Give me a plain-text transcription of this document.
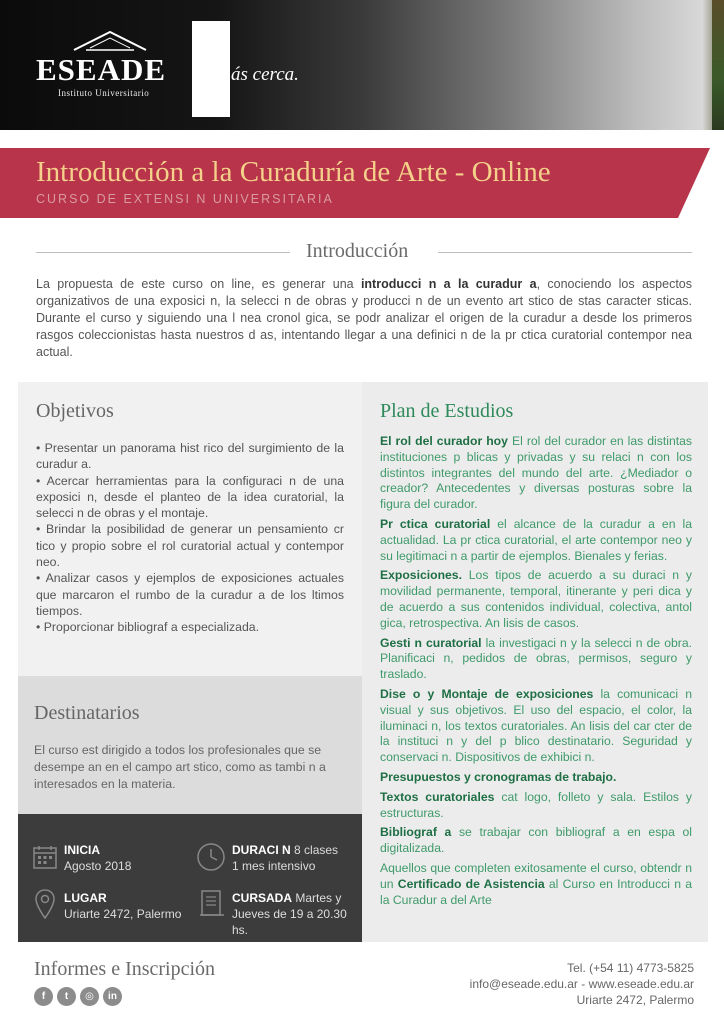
ESEADE
Instituto Universitario
ás cerca.
Introducción a la Curaduría de Arte - Online
CURSO DE EXTENSI N UNIVERSITARIA
Introducción
La propuesta de este curso on line, es generar una introducci n a la curadur a, conociendo los aspectos organizativos de una exposici n, la selecci n de obras y producci n de un evento art stico de stas caracter sticas. Durante el curso y siguiendo una l nea cronol gica, se podr analizar el origen de la curadur a desde los primeros rasgos coleccionistas hasta nuestros d as, intentando llegar a una definici n de la pr ctica curatorial contempor nea actual.
Objetivos
• Presentar un panorama hist rico del surgimiento de la curadur a.
• Acercar herramientas para la configuraci n de una exposici n, desde el planteo de la idea curatorial, la selecci n de obras y el montaje.
• Brindar la posibilidad de generar un pensamiento cr tico y propio sobre el rol curatorial actual y contempor neo.
• Analizar casos y ejemplos de exposiciones actuales que marcaron el rumbo de la curadur a de los ltimos tiempos.
• Proporcionar bibliograf a especializada.
Destinatarios
El curso est dirigido a todos los profesionales que se desempe an en el campo art stico, como as tambi n a interesados en la materia.
INICIA
Agosto 2018
DURACI N 8 clases
1 mes intensivo
LUGAR
Uriarte 2472, Palermo
CURSADA Martes y
Jueves de 19 a 20.30 hs.
Plan de Estudios

El rol del curador hoy El rol del curador en las distintas instituciones p blicas y privadas y su relaci n con los distintos integrantes del mundo del arte. ¿Mediador o creador? Antecedentes y diversas posturas sobre la figura del curador.

Pr ctica curatorial el alcance de la curadur a en la actualidad. La pr ctica curatorial, el arte contempor neo y su legitimaci n a partir de ejemplos. Bienales y ferias.

Exposiciones. Los tipos de acuerdo a su duraci n y movilidad permanente, temporal, itinerante y peri dica y de acuerdo a sus contenidos individual, colectiva, antol gica, retrospectiva. An lisis de casos.

Gesti n curatorial la investigaci n y la selecci n de obra. Planificaci n, pedidos de obras, permisos, seguro y traslado.

Dise o y Montaje de exposiciones la comunicaci n visual y sus objetivos. El uso del espacio, el color, la iluminaci n, los textos curatoriales. An lisis del car cter de la instituci n y del p blico destinatario. Seguridad y conservaci n. Dispositivos de exhibici n.

Presupuestos y cronogramas de trabajo.

Textos curatoriales cat logo, folleto y sala. Estilos y estructuras.

Bibliograf a se trabajar con bibliograf a en espa ol digitalizada.

Aquellos que completen exitosamente el curso, obtendr n un Certificado de Asistencia al Curso en Introducci n a la Curadur a del Arte

Informes e Inscripción
f	t	◎	in
Tel. (+54 11) 4773-5825
info@eseade.edu.ar - www.eseade.edu.ar
Uriarte 2472, Palermo
